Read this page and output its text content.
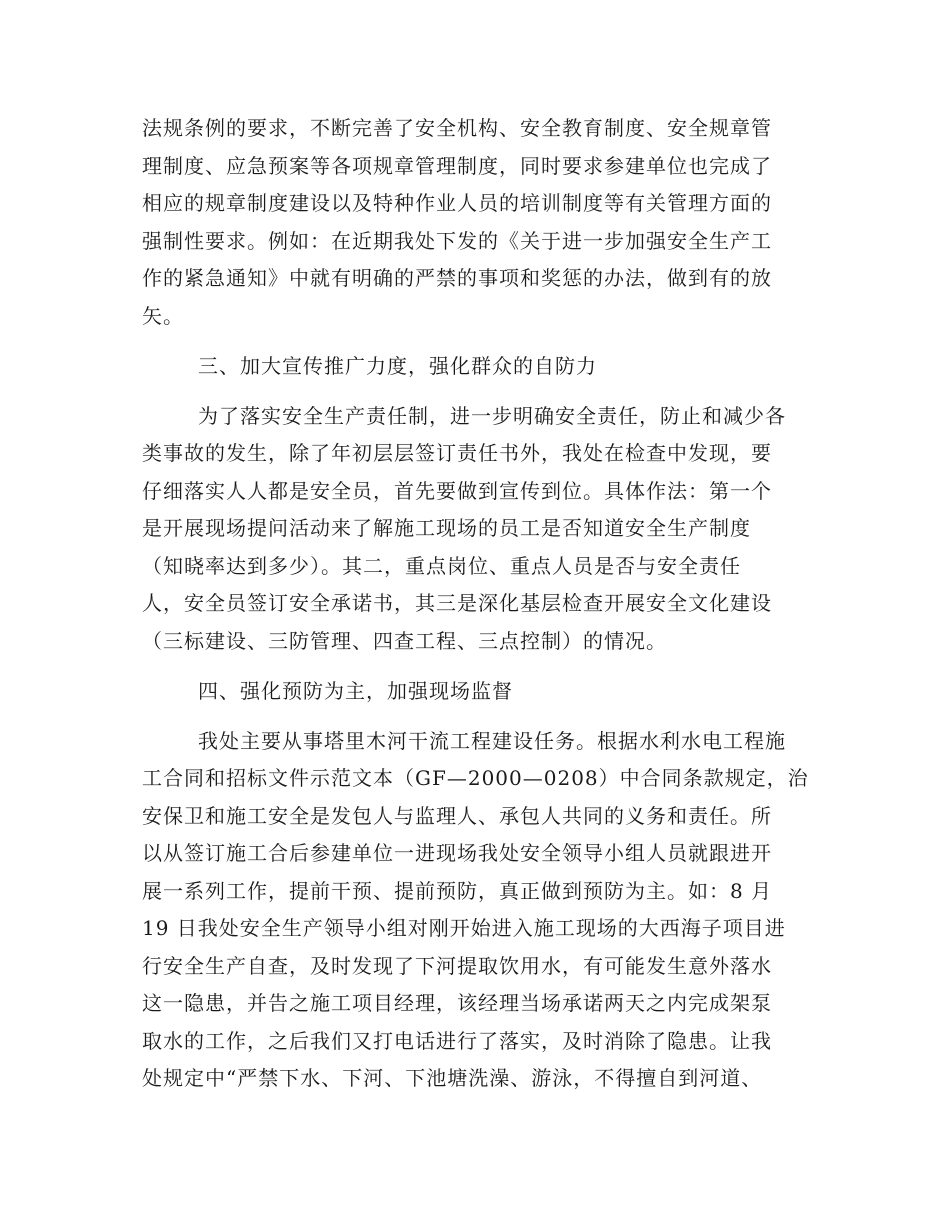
法规条例的要求，不断完善了安全机构、安全教育制度、安全规章管
理制度、应急预案等各项规章管理制度，同时要求参建单位也完成了
相应的规章制度建设以及特种作业人员的培训制度等有关管理方面的
强制性要求。例如：在近期我处下发的《关于进一步加强安全生产工
作的紧急通知》中就有明确的严禁的事项和奖惩的办法，做到有的放
矢。
三、加大宣传推广力度，强化群众的自防力
为了落实安全生产责任制，进一步明确安全责任，防止和减少各
类事故的发生，除了年初层层签订责任书外，我处在检查中发现，要
仔细落实人人都是安全员，首先要做到宣传到位。具体作法：第一个
是开展现场提问活动来了解施工现场的员工是否知道安全生产制度
（知晓率达到多少）。其二，重点岗位、重点人员是否与安全责任
人，安全员签订安全承诺书，其三是深化基层检查开展安全文化建设
（三标建设、三防管理、四查工程、三点控制）的情况。
四、强化预防为主，加强现场监督
我处主要从事塔里木河干流工程建设任务。根据水利水电工程施
工合同和招标文件示范文本（GF—2000—0208）中合同条款规定，治
安保卫和施工安全是发包人与监理人、承包人共同的义务和责任。所
以从签订施工合后参建单位一进现场我处安全领导小组人员就跟进开
展一系列工作，提前干预、提前预防，真正做到预防为主。如：8 月
19 日我处安全生产领导小组对刚开始进入施工现场的大西海子项目进
行安全生产自查，及时发现了下河提取饮用水，有可能发生意外落水
这一隐患，并告之施工项目经理，该经理当场承诺两天之内完成架泵
取水的工作，之后我们又打电话进行了落实，及时消除了隐患。让我
处规定中“严禁下水、下河、下池塘洗澡、游泳，不得擅自到河道、
